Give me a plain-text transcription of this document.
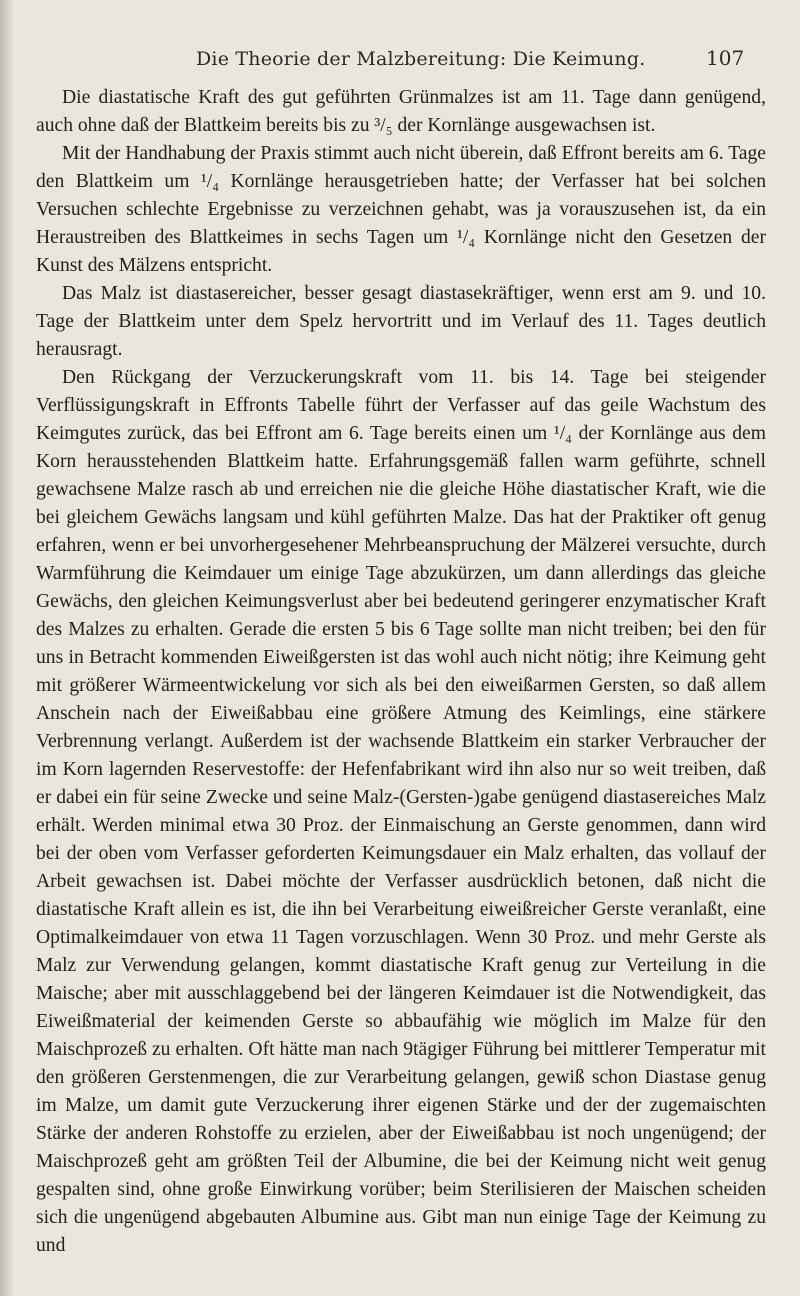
Die Theorie der Malzbereitung: Die Keimung.	107

Die diastatische Kraft des gut geführten Grünmalzes ist am 11. Tage dann genügend, auch ohne daß der Blattkeim bereits bis zu ³/₅ der Kornlänge ausgewachsen ist.

Mit der Handhabung der Praxis stimmt auch nicht überein, daß Effront bereits am 6. Tage den Blattkeim um ¹/₄ Kornlänge herausgetrieben hatte; der Verfasser hat bei solchen Versuchen schlechte Ergebnisse zu verzeichnen gehabt, was ja vorauszusehen ist, da ein Heraustreiben des Blattkeimes in sechs Tagen um ¹/₄ Kornlänge nicht den Gesetzen der Kunst des Mälzens entspricht.

Das Malz ist diastasereicher, besser gesagt diastasekräftiger, wenn erst am 9. und 10. Tage der Blattkeim unter dem Spelz hervortritt und im Verlauf des 11. Tages deutlich herausragt.

Den Rückgang der Verzuckerungskraft vom 11. bis 14. Tage bei steigender Verflüssigungskraft in Effronts Tabelle führt der Verfasser auf das geile Wachstum des Keimgutes zurück, das bei Effront am 6. Tage bereits einen um ¹/₄ der Kornlänge aus dem Korn herausstehenden Blattkeim hatte. Erfahrungsgemäß fallen warm geführte, schnell gewachsene Malze rasch ab und erreichen nie die gleiche Höhe diastatischer Kraft, wie die bei gleichem Gewächs langsam und kühl geführten Malze. Das hat der Praktiker oft genug erfahren, wenn er bei unvorhergesehener Mehrbeanspruchung der Mälzerei versuchte, durch Warmführung die Keimdauer um einige Tage abzukürzen, um dann allerdings das gleiche Gewächs, den gleichen Keimungsverlust aber bei bedeutend geringerer enzymatischer Kraft des Malzes zu erhalten. Gerade die ersten 5 bis 6 Tage sollte man nicht treiben; bei den für uns in Betracht kommenden Eiweißgersten ist das wohl auch nicht nötig; ihre Keimung geht mit größerer Wärmeentwickelung vor sich als bei den eiweißarmen Gersten, so daß allem Anschein nach der Eiweißabbau eine größere Atmung des Keimlings, eine stärkere Verbrennung verlangt. Außerdem ist der wachsende Blattkeim ein starker Verbraucher der im Korn lagernden Reservestoffe: der Hefenfabrikant wird ihn also nur so weit treiben, daß er dabei ein für seine Zwecke und seine Malz-(Gersten-)gabe genügend diastasereiches Malz erhält. Werden minimal etwa 30 Proz. der Einmaischung an Gerste genommen, dann wird bei der oben vom Verfasser geforderten Keimungsdauer ein Malz erhalten, das vollauf der Arbeit gewachsen ist. Dabei möchte der Verfasser ausdrücklich betonen, daß nicht die diastatische Kraft allein es ist, die ihn bei Verarbeitung eiweißreicher Gerste veranlaßt, eine Optimalkeimdauer von etwa 11 Tagen vorzuschlagen. Wenn 30 Proz. und mehr Gerste als Malz zur Verwendung gelangen, kommt diastatische Kraft genug zur Verteilung in die Maische; aber mit ausschlaggebend bei der längeren Keimdauer ist die Notwendigkeit, das Eiweißmaterial der keimenden Gerste so abbaufähig wie möglich im Malze für den Maischprozeß zu erhalten. Oft hätte man nach 9tägiger Führung bei mittlerer Temperatur mit den größeren Gerstenmengen, die zur Verarbeitung gelangen, gewiß schon Diastase genug im Malze, um damit gute Verzuckerung ihrer eigenen Stärke und der der zugemaischten Stärke der anderen Rohstoffe zu erzielen, aber der Eiweißabbau ist noch ungenügend; der Maischprozeß geht am größten Teil der Albumine, die bei der Keimung nicht weit genug gespalten sind, ohne große Einwirkung vorüber; beim Sterilisieren der Maischen scheiden sich die ungenügend abgebauten Albumine aus. Gibt man nun einige Tage der Keimung zu und
